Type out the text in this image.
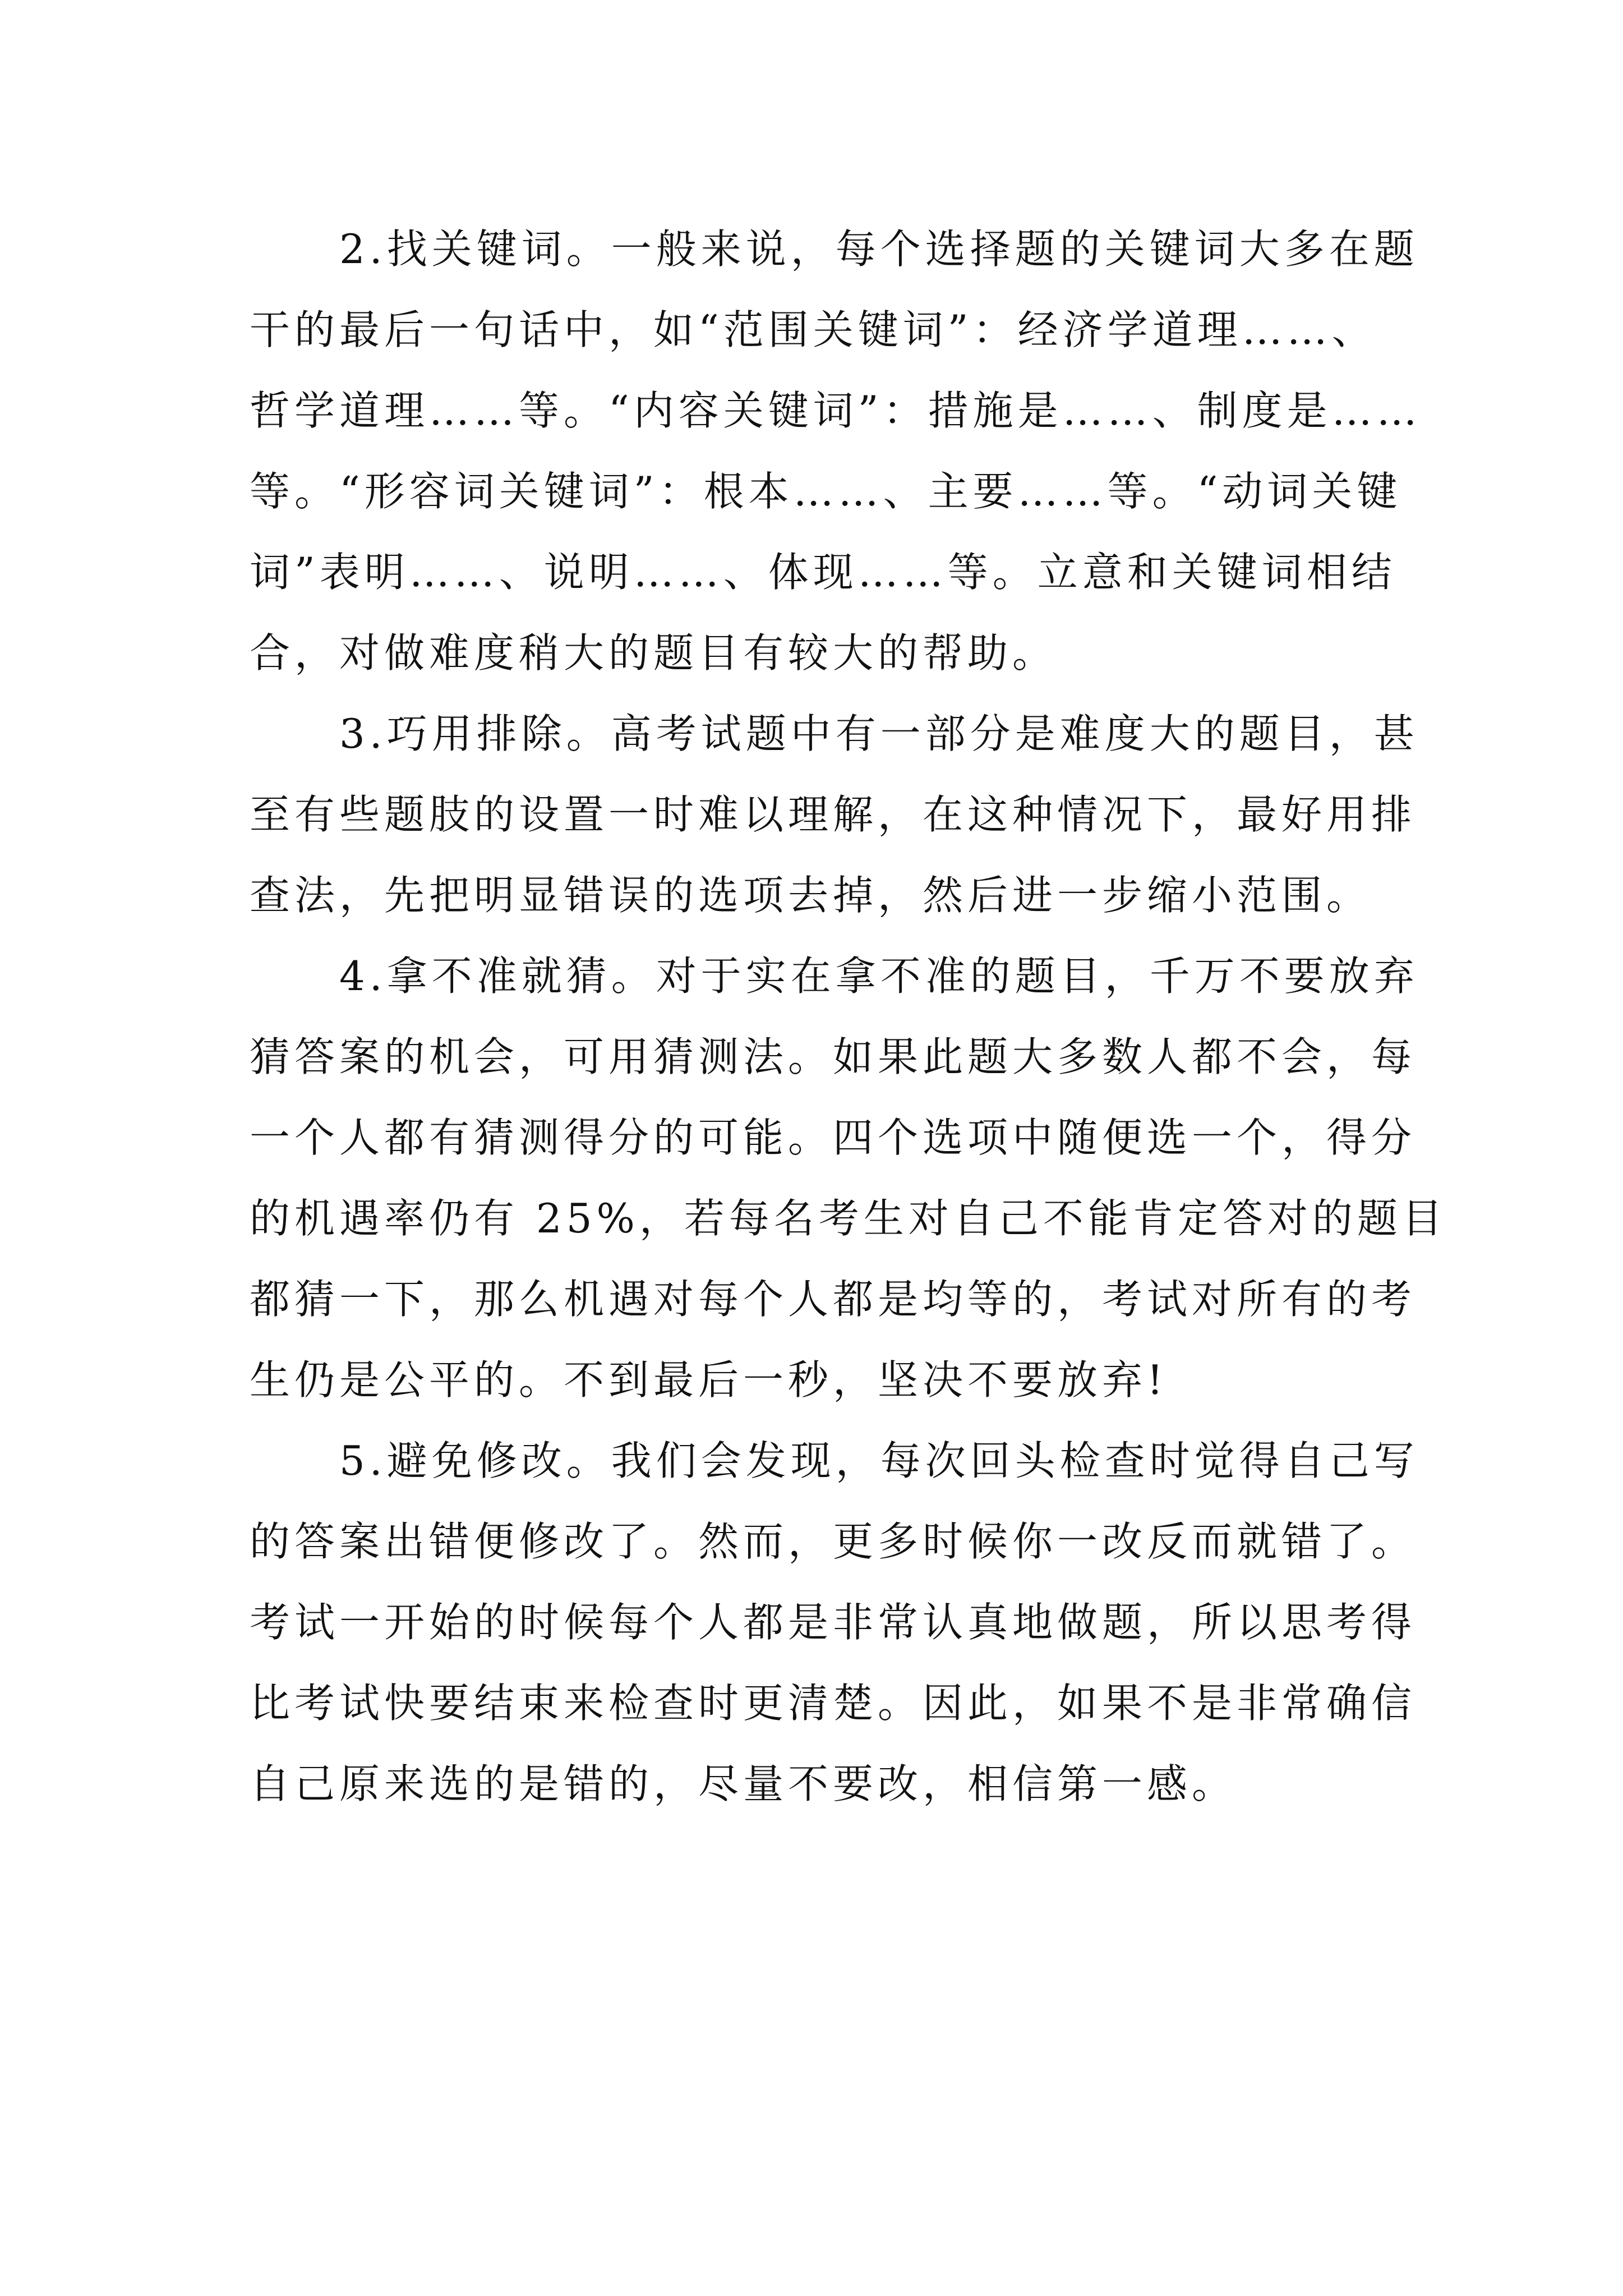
2.找关键词。一般来说，每个选择题的关键词大多在题
干的最后一句话中，如“范围关键词”：经济学道理……、
哲学道理……等。“内容关键词”：措施是……、制度是……
等。“形容词关键词”：根本……、主要……等。“动词关键
词”表明……、说明……、体现……等。立意和关键词相结
合，对做难度稍大的题目有较大的帮助。

3.巧用排除。高考试题中有一部分是难度大的题目，甚
至有些题肢的设置一时难以理解，在这种情况下，最好用排
查法，先把明显错误的选项去掉，然后进一步缩小范围。

4.拿不准就猜。对于实在拿不准的题目，千万不要放弃
猜答案的机会，可用猜测法。如果此题大多数人都不会，每
一个人都有猜测得分的可能。四个选项中随便选一个，得分
的机遇率仍有 25%，若每名考生对自己不能肯定答对的题目
都猜一下，那么机遇对每个人都是均等的，考试对所有的考
生仍是公平的。不到最后一秒，坚决不要放弃!

5.避免修改。我们会发现，每次回头检查时觉得自己写
的答案出错便修改了。然而，更多时候你一改反而就错了。
考试一开始的时候每个人都是非常认真地做题，所以思考得
比考试快要结束来检查时更清楚。因此，如果不是非常确信
自己原来选的是错的，尽量不要改，相信第一感。
